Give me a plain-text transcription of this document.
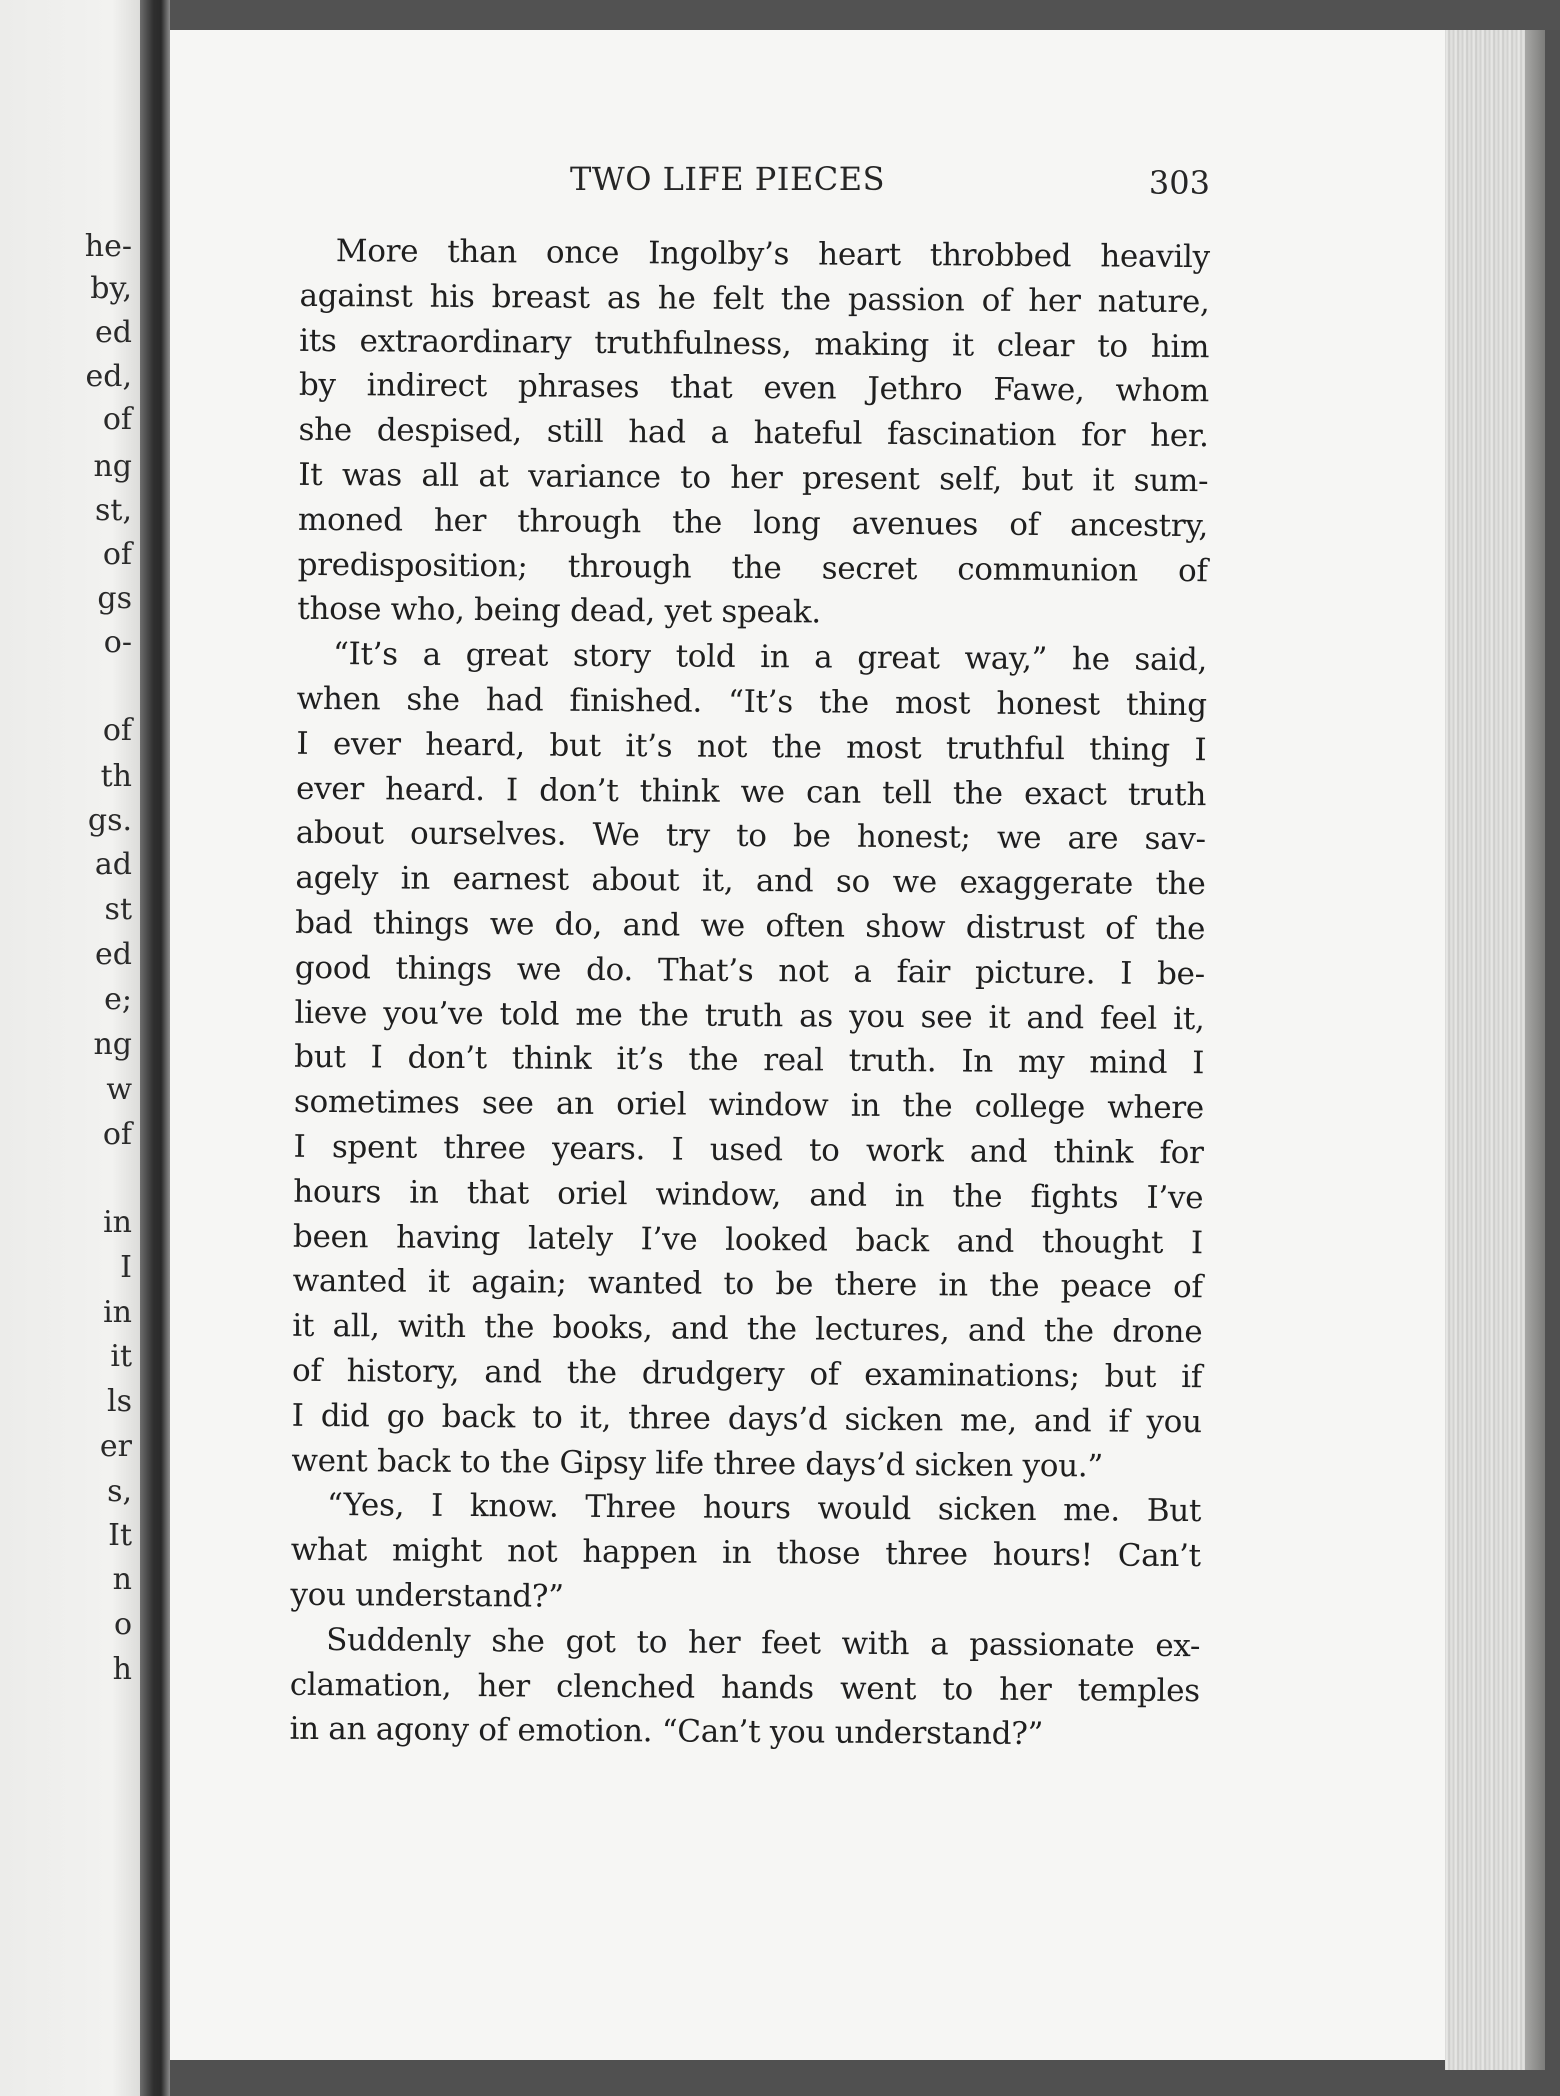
he-

by,

ed

ed,

of

ng

st,

of

gs

o-

of

th

gs.

ad

st

ed

e;

ng

w

of

in

I

in

it

ls

er

s,

It

n

o

h

TWO LIFE PIECES	303

More than once Ingolby’s heart throbbed heavily
against his breast as he felt the passion of her nature,
its extraordinary truthfulness, making it clear to him
by indirect phrases that even Jethro Fawe, whom
she despised, still had a hateful fascination for her.
It was all at variance to her present self, but it sum-
moned her through the long avenues of ancestry,
predisposition; through the secret communion of
those who, being dead, yet speak.

“It’s a great story told in a great way,” he said,
when she had finished. “It’s the most honest thing
I ever heard, but it’s not the most truthful thing I
ever heard. I don’t think we can tell the exact truth
about ourselves. We try to be honest; we are sav-
agely in earnest about it, and so we exaggerate the
bad things we do, and we often show distrust of the
good things we do. That’s not a fair picture. I be-
lieve you’ve told me the truth as you see it and feel it,
but I don’t think it’s the real truth. In my mind I
sometimes see an oriel window in the college where
I spent three years. I used to work and think for
hours in that oriel window, and in the fights I’ve
been having lately I’ve looked back and thought I
wanted it again; wanted to be there in the peace of
it all, with the books, and the lectures, and the drone
of history, and the drudgery of examinations; but if
I did go back to it, three days’d sicken me, and if you
went back to the Gipsy life three days’d sicken you.”

“Yes, I know. Three hours would sicken me. But
what might not happen in those three hours! Can’t
you understand?”

Suddenly she got to her feet with a passionate ex-
clamation, her clenched hands went to her temples
in an agony of emotion. “Can’t you understand?”
